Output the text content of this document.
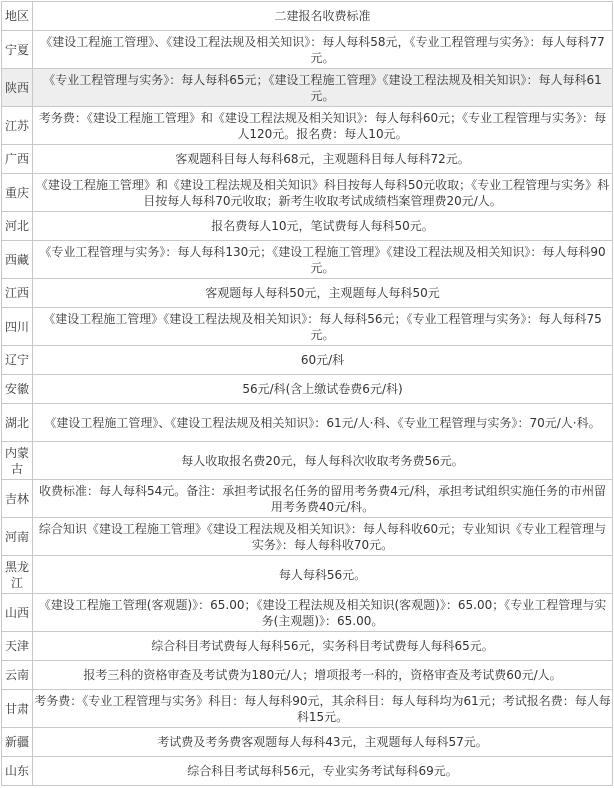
地区	二建报名收费标准
宁夏	《建设工程施工管理》、《建设工程法规及相关知识》：每人每科58元，《专业工程管理与实务》：每人每科77元。
陕西	《专业工程管理与实务》：每人每科65元；《建设工程施工管理》《建设工程法规及相关知识》：每人每科61元。
江苏	考务费：《建设工程施工管理》和《建设工程法规及相关知识》：每人每科60元；《专业工程管理与实务》：每人120元。报名费：每人10元。
广西	客观题科目每人每科68元，主观题科目每人每科72元。
重庆	《建设工程施工管理》和《建设工程法规及相关知识》科目按每人每科50元收取；《专业工程管理与实务》科目按每人每科70元收取；新考生收取考试成绩档案管理费20元/人。
河北	报名费每人10元，笔试费每人每科50元。
西藏	《专业工程管理与实务》：每人每科130元；《建设工程施工管理》《建设工程法规及相关知识》：每人每科90元。
江西	客观题每人每科50元，主观题每人每科50元
四川	《建设工程施工管理》《建设工程法规及相关知识》：每人每科56元；《专业工程管理与实务》：每人每科75元。
辽宁	60元/科
安徽	56元/科(含上缴试卷费6元/科)
湖北	《建设工程施工管理》、《建设工程法规及相关知识》：61元/人·科、《专业工程管理与实务》：70元/人·科。
内蒙古	每人收取报名费20元，每人每科次收取考务费56元。
吉林	收费标准：每人每科54元。备注：承担考试报名任务的留用考务费4元/科，承担考试组织实施任务的市州留用考务费40元/科。
河南	综合知识《建设工程施工管理》《建设工程法规及相关知识》：每人每科收60元；专业知识《专业工程管理与实务》：每人每科收70元。
黑龙江	每人每科56元。
山西	《建设工程施工管理(客观题)》：65.00；《建设工程法规及相关知识(客观题)》：65.00；《专业工程管理与实务(主观题)》：65.00。
天津	综合科目考试费每人每科56元，实务科目考试费每人每科65元。
云南	报考三科的资格审查及考试费为180元/人；增项报考一科的，资格审查及考试费60元/人。
甘肃	考务费：《专业工程管理与实务》科目：每人每科90元，其余科目：每人每科均为61元；考试报名费：每人每科15元。
新疆	考试费及考务费客观题每人每科43元，主观题每人每科57元。
山东	综合科目考试每科56元，专业实务考试每科69元。
